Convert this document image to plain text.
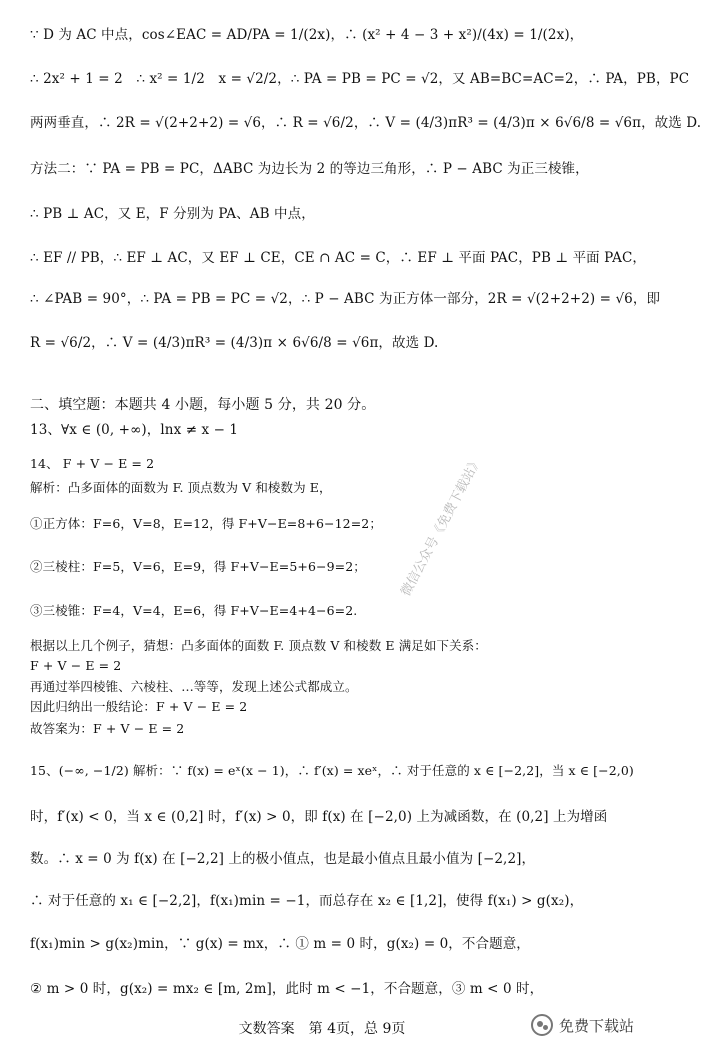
∵ D 为 AC 中点，cos∠EAC = AD/PA = 1/(2x)，∴ (x² + 4 − 3 + x²)/(4x) = 1/(2x)，
∴ 2x² + 1 = 2　∴ x² = 1/2　x = √2/2，∴ PA = PB = PC = √2，又 AB=BC=AC=2，∴ PA，PB，PC
两两垂直，∴ 2R = √(2+2+2) = √6，∴ R = √6/2，∴ V = (4/3)πR³ = (4/3)π × 6√6/8 = √6π，故选 D.
方法二：∵ PA = PB = PC，ΔABC 为边长为 2 的等边三角形，∴ P − ABC 为正三棱锥，
∴ PB ⊥ AC，又 E，F 分别为 PA、AB 中点，
∴ EF // PB，∴ EF ⊥ AC，又 EF ⊥ CE，CE ∩ AC = C，∴ EF ⊥ 平面 PAC，PB ⊥ 平面 PAC，
∴ ∠PAB = 90°，∴ PA = PB = PC = √2，∴ P − ABC 为正方体一部分，2R = √(2+2+2) = √6，即
R = √6/2，∴ V = (4/3)πR³ = (4/3)π × 6√6/8 = √6π，故选 D.
二、填空题：本题共 4 小题，每小题 5 分，共 20 分。
13、∀x ∈ (0, +∞)，lnx ≠ x − 1
14、 F + V − E = 2
解析：凸多面体的面数为 F. 顶点数为 V 和棱数为 E，
①正方体：F=6，V=8，E=12，得 F+V−E=8+6−12=2；
②三棱柱：F=5，V=6，E=9，得 F+V−E=5+6−9=2；
③三棱锥：F=4，V=4，E=6，得 F+V−E=4+4−6=2.
根据以上几个例子，猜想：凸多面体的面数 F. 顶点数 V 和棱数 E 满足如下关系：
F + V − E = 2
再通过举四棱锥、六棱柱、…等等，发现上述公式都成立。
因此归纳出一般结论：F + V − E = 2
故答案为：F + V − E = 2
15、(−∞, −1/2) 解析：∵ f(x) = eˣ(x − 1)，∴ f′(x) = xeˣ，∴ 对于任意的 x ∈ [−2,2]，当 x ∈ [−2,0)
时，f′(x) < 0，当 x ∈ (0,2] 时，f′(x) > 0，即 f(x) 在 [−2,0) 上为减函数，在 (0,2] 上为增函
数。∴ x = 0 为 f(x) 在 [−2,2] 上的极小值点，也是最小值点且最小值为 [−2,2]，
∴ 对于任意的 x₁ ∈ [−2,2]，f(x₁)min = −1，而总存在 x₂ ∈ [1,2]，使得 f(x₁) > g(x₂)，
f(x₁)min > g(x₂)min，∵ g(x) = mx，∴ ① m = 0 时，g(x₂) = 0，不合题意，
② m > 0 时，g(x₂) = mx₂ ∈ [m, 2m]，此时 m < −1，不合题意，③ m < 0 时，
微信公众号《免费下载站》
文数答案　第 4页，总 9页	免费下载站
